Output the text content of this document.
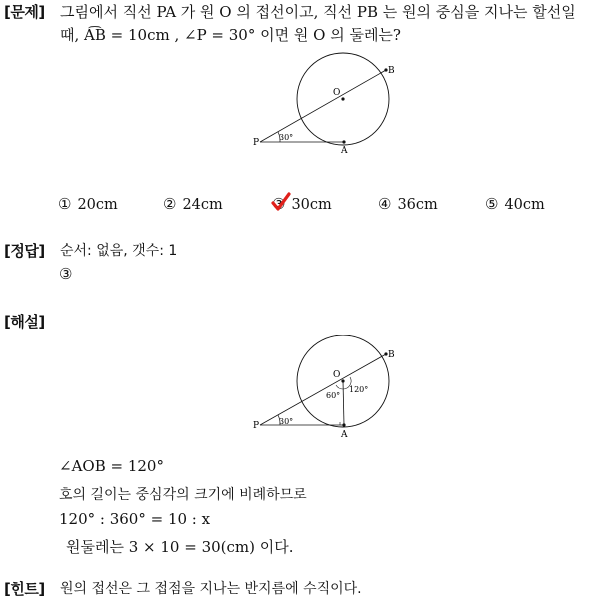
[문제] 그림에서 직선 PA 가 원 O 의 접선이고, 직선 PB 는 원의 중심을 지나는 할선일
때, A͡B = 10cm , ∠P = 30° 이면 원 O 의 둘레는?
O
B
P
A
30°
① 20cm	② 24cm	③ 30cm	④ 36cm	⑤ 40cm
[정답] 순서: 없음, 갯수: 1
③
[해설]
O
B
P
A
30°
60°
120°
∠AOB = 120°
호의 길이는 중심각의 크기에 비례하므로
120° : 360° = 10 : x
원둘레는 3 × 10 = 30(cm) 이다.
[힌트] 원의 접선은 그 접점을 지나는 반지름에 수직이다.
